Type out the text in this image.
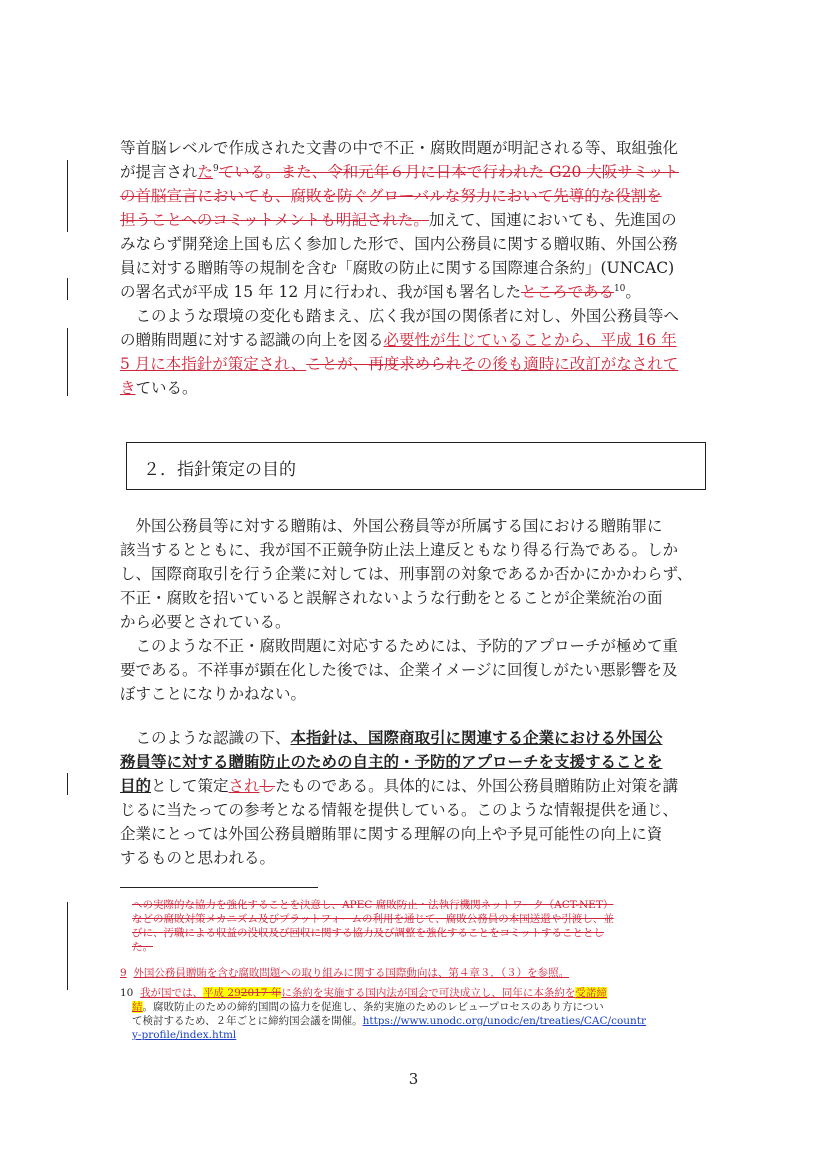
等首脳レベルで作成された文書の中で不正・腐敗問題が明記される等、取組強化
が提言された$^9$ている。また、令和元年６月に日本で行われた G20 大阪サミット
の首脳宣言においても、腐敗を防ぐグローバルな努力において先導的な役割を
担うことへのコミットメントも明記された。加えて、国連においても、先進国の
みならず開発途上国も広く参加した形で、国内公務員に関する贈収賄、外国公務
員に対する贈賄等の規制を含む「腐敗の防止に関する国際連合条約」(UNCAC)
の署名式が平成 15 年 12 月に行われ、我が国も署名したところである$^{10}$。
　このような環境の変化も踏まえ、広く我が国の関係者に対し、外国公務員等へ
の贈賄問題に対する認識の向上を図る必要性が生じていることから、平成 16 年
5 月に本指針が策定され、ことが、再度求められその後も適時に改訂がなされて
きている。
２．指針策定の目的
　外国公務員等に対する贈賄は、外国公務員等が所属する国における贈賄罪に
該当するとともに、我が国不正競争防止法上違反ともなり得る行為である。しか
し、国際商取引を行う企業に対しては、刑事罰の対象であるか否かにかかわらず、
不正・腐敗を招いていると誤解されないような行動をとることが企業統治の面
から必要とされている。
　このような不正・腐敗問題に対応するためには、予防的アプローチが極めて重
要である。不祥事が顕在化した後では、企業イメージに回復しがたい悪影響を及
ぼすことになりかねない。
　このような認識の下、本指針は、国際商取引に関連する企業における外国公
務員等に対する贈賄防止のための自主的・予防的アプローチを支援することを
目的として策定されしたものである。具体的には、外国公務員贈賄防止対策を講
じるに当たっての参考となる情報を提供している。このような情報提供を通じ、
企業にとっては外国公務員贈賄罪に関する理解の向上や予見可能性の向上に資
するものと思われる。
への実際的な協力を強化することを決意し、APEC 腐敗防止・法執行機関ネットワーク（ACT-NET）
などの腐敗対策メカニズム及びプラットフォームの利用を通じて、腐敗公務員の本国送還や引渡し、並
びに、汚職による収益の没収及び回収に関する協力及び調整を強化することをコミットすることとし
た。
9 外国公務員贈賄を含む腐敗問題への取り組みに関する国際動向は、第４章３．（３）を参照。
10 我が国では、平成 292017 年に条約を実施する国内法が国会で可決成立し、同年に本条約を受諾締
結。腐敗防止のための締約国間の協力を促進し、条約実施のためのレビュープロセスのあり方につい
て検討するため、２年ごとに締約国会議を開催。https://www.unodc.org/unodc/en/treaties/CAC/countr
y-profile/index.html
3
